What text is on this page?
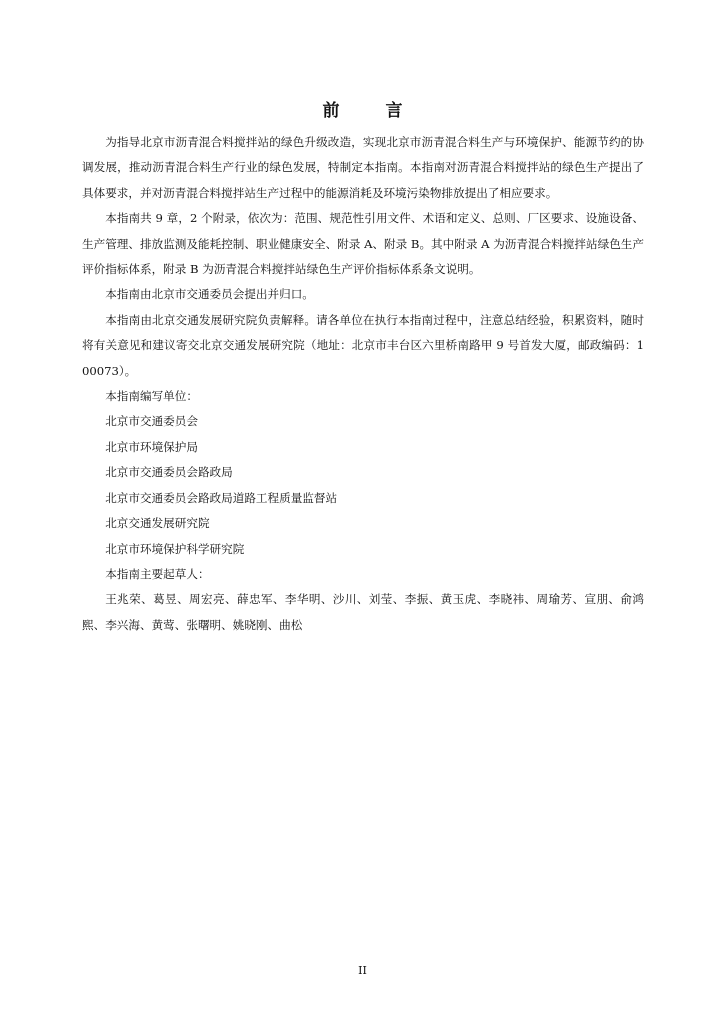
前 言

为指导北京市沥青混合料搅拌站的绿色升级改造，实现北京市沥青混合料生产与环境保护、能源节约的协调发展，推动沥青混合料生产行业的绿色发展，特制定本指南。本指南对沥青混合料搅拌站的绿色生产提出了具体要求，并对沥青混合料搅拌站生产过程中的能源消耗及环境污染物排放提出了相应要求。

本指南共 9 章，2 个附录，依次为：范围、规范性引用文件、术语和定义、总则、厂区要求、设施设备、生产管理、排放监测及能耗控制、职业健康安全、附录 A、附录 B。其中附录 A 为沥青混合料搅拌站绿色生产评价指标体系，附录 B 为沥青混合料搅拌站绿色生产评价指标体系条文说明。

本指南由北京市交通委员会提出并归口。

本指南由北京交通发展研究院负责解释。请各单位在执行本指南过程中，注意总结经验，积累资料，随时将有关意见和建议寄交北京交通发展研究院（地址：北京市丰台区六里桥南路甲 9 号首发大厦，邮政编码：100073）。

本指南编写单位：

北京市交通委员会

北京市环境保护局

北京市交通委员会路政局

北京市交通委员会路政局道路工程质量监督站

北京交通发展研究院

北京市环境保护科学研究院

本指南主要起草人：

王兆荣、葛昱、周宏亮、薛忠军、李华明、沙川、刘莹、李振、黄玉虎、李晓祎、周瑜芳、宣朋、俞鸿熙、李兴海、黄莺、张曙明、姚晓刚、曲松

II
